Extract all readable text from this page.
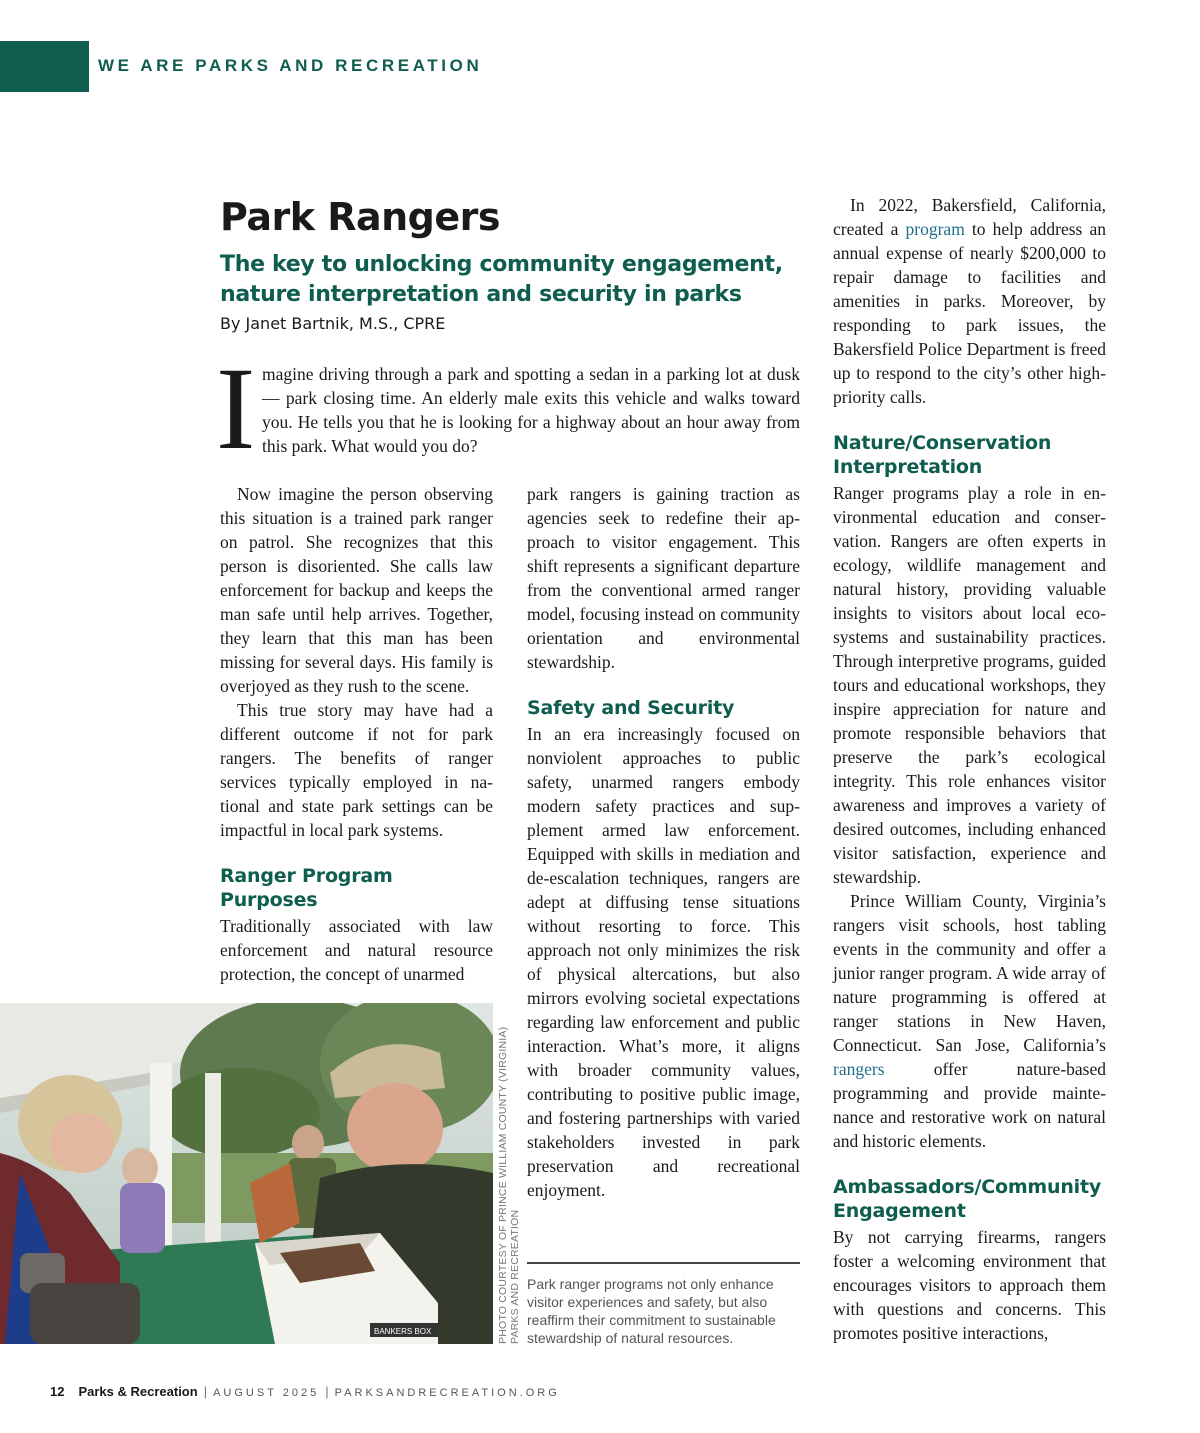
WE ARE PARKS AND RECREATION
Park Rangers
The key to unlocking community engagement, nature interpretation and security in parks
By Janet Bartnik, M.S., CPRE
I magine driving through a park and spotting a sedan in a parking lot at dusk — park closing time. An elderly male exits this vehicle and walks toward you. He tells you that he is looking for a highway about an hour away from this park. What would you do?

Now imagine the person observing this situation is a trained park ranger on patrol. She recognizes that this person is disoriented. She calls law enforcement for backup and keeps the man safe until help arrives. Together, they learn that this man has been missing for several days. His family is overjoyed as they rush to the scene.

This true story may have had a different outcome if not for park rangers. The benefits of ranger services typically employed in national and state park settings can be impactful in local park systems.

Ranger Program Purposes

Traditionally associated with law enforcement and natural resource protection, the concept of unarmed

park rangers is gaining traction as agencies seek to redefine their approach to visitor engagement. This shift represents a significant departure from the conventional armed ranger model, focusing instead on community orientation and environmental stewardship.

Safety and Security

In an era increasingly focused on nonviolent approaches to public safety, unarmed rangers embody modern safety practices and supplement armed law enforcement. Equipped with skills in mediation and de-escalation techniques, rangers are adept at diffusing tense situations without resorting to force. This approach not only minimizes the risk of physical altercations, but also mirrors evolving societal expectations regarding law enforcement and public interaction. What’s more, it aligns with broader community values, contributing to positive public image, and fostering partnerships with varied stakeholders invested in park preservation and recreational enjoyment.

In 2022, Bakersfield, California, created a program to help address an annual expense of nearly $200,000 to repair damage to facilities and amenities in parks. Moreover, by responding to park issues, the Bakersfield Police Department is freed up to respond to the city’s other high-priority calls.

Nature/Conservation Interpretation

Ranger programs play a role in environmental education and conservation. Rangers are often experts in ecology, wildlife management and natural history, providing valuable insights to visitors about local ecosystems and sustainability practices. Through interpretive programs, guided tours and educational workshops, they inspire appreciation for nature and promote responsible behaviors that preserve the park’s ecological integrity. This role enhances visitor awareness and improves a variety of desired outcomes, including enhanced visitor satisfaction, experience and stewardship.

Prince William County, Virginia’s rangers visit schools, host tabling events in the community and offer a junior ranger program. A wide array of nature programming is offered at ranger stations in New Haven, Connecticut. San Jose, California’s rangers offer nature-based programming and provide maintenance and restorative work on natural and historic elements.

Ambassadors/Community Engagement

By not carrying firearms, rangers foster a welcoming environment that encourages visitors to approach them with questions and concerns. This promotes positive interactions,

BANKERS BOX	PHOTO COURTESY OF PRINCE WILLIAM COUNTY (VIRGINIA) PARKS AND RECREATION Park ranger programs not only enhance visitor experiences and safety, but also reaffirm their commitment to sustainable stewardship of natural resources.
12 Parks & Recreation | AUGUST 2025 | PARKSANDRECREATION.ORG
